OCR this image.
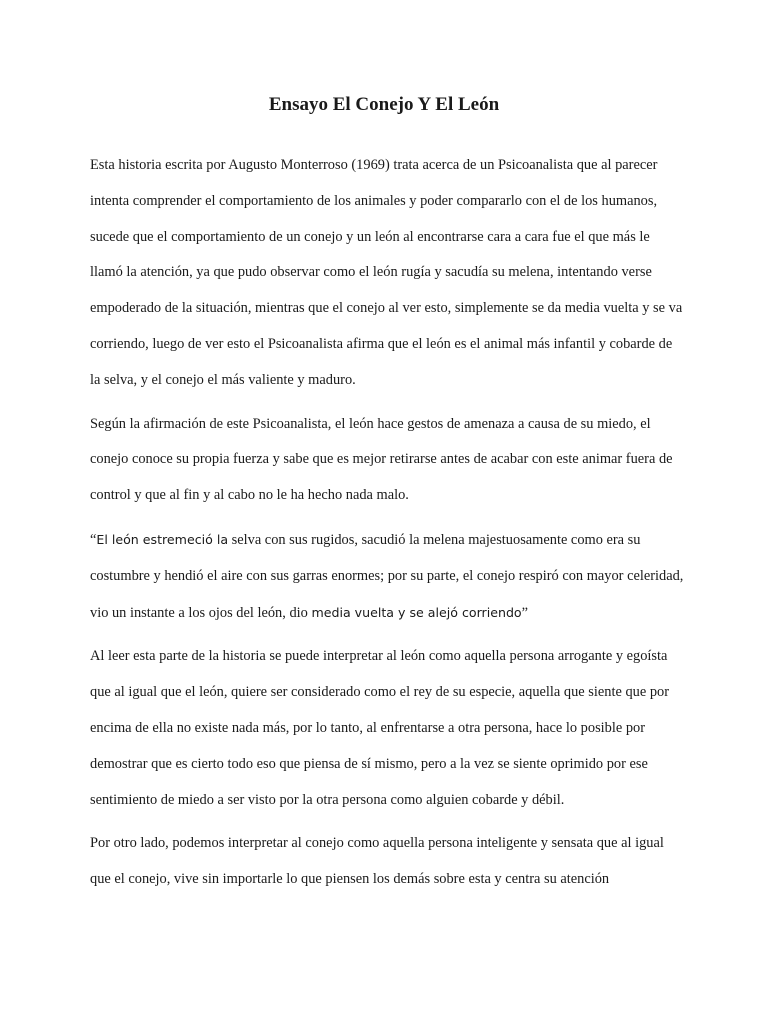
Ensayo El Conejo Y El León

Esta historia escrita por Augusto Monterroso (1969) trata acerca de un Psicoanalista que al parecer intenta comprender el comportamiento de los animales y poder compararlo con el de los humanos, sucede que el comportamiento de un conejo y un león al encontrarse cara a cara fue el que más le llamó la atención, ya que pudo observar como el león rugía y sacudía su melena, intentando verse empoderado de la situación, mientras que el conejo al ver esto, simplemente se da media vuelta y se va corriendo, luego de ver esto el Psicoanalista afirma que el león es el animal más infantil y cobarde de la selva, y el conejo el más valiente y maduro.

Según la afirmación de este Psicoanalista, el león hace gestos de amenaza a causa de su miedo, el conejo conoce su propia fuerza y sabe que es mejor retirarse antes de acabar con este animar fuera de control y que al fin y al cabo no le ha hecho nada malo.

“El león estremeció la selva con sus rugidos, sacudió la melena majestuosamente como era su costumbre y hendió el aire con sus garras enormes; por su parte, el conejo respiró con mayor celeridad, vio un instante a los ojos del león, dio media vuelta y se alejó corriendo”

Al leer esta parte de la historia se puede interpretar al león como aquella persona arrogante y egoísta que al igual que el león, quiere ser considerado como el rey de su especie, aquella que siente que por encima de ella no existe nada más, por lo tanto, al enfrentarse a otra persona, hace lo posible por demostrar que es cierto todo eso que piensa de sí mismo, pero a la vez se siente oprimido por ese sentimiento de miedo a ser visto por la otra persona como alguien cobarde y débil.

Por otro lado, podemos interpretar al conejo como aquella persona inteligente y sensata que al igual que el conejo, vive sin importarle lo que piensen los demás sobre esta y centra su atención
